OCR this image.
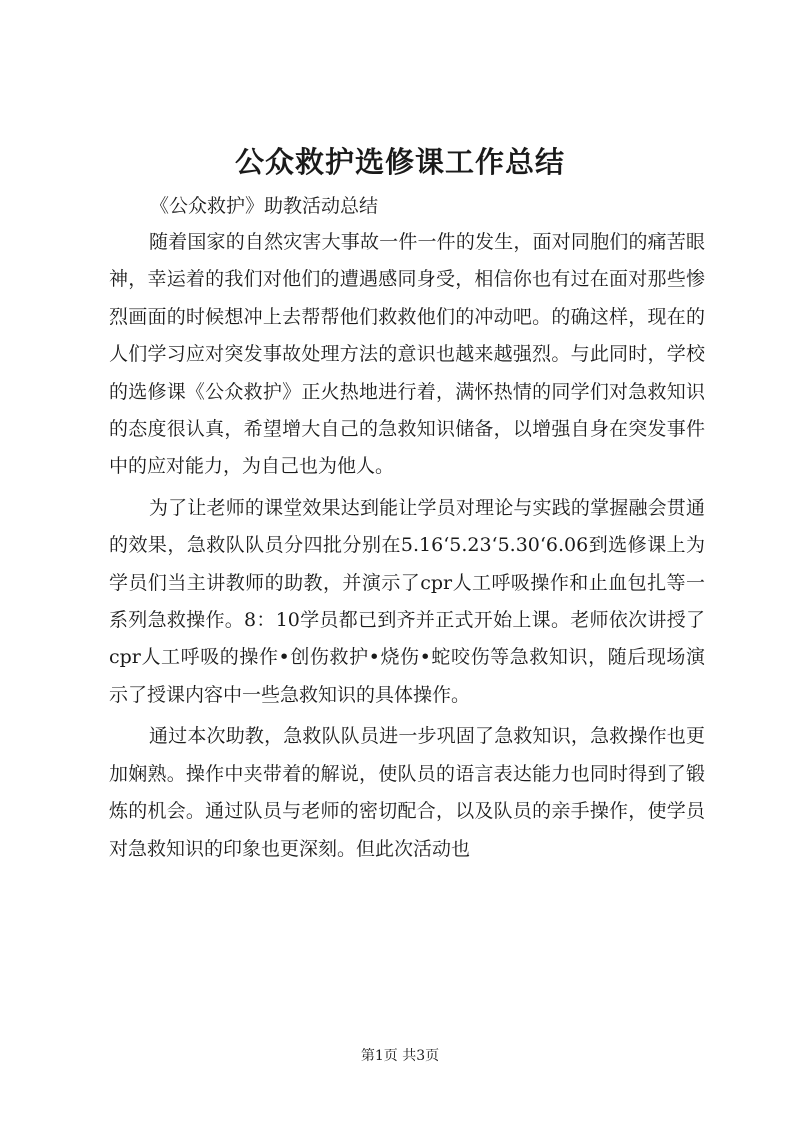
公众救护选修课工作总结

《公众救护》助教活动总结

随着国家的自然灾害大事故一件一件的发生，面对同胞们的痛苦眼神，幸运着的我们对他们的遭遇感同身受，相信你也有过在面对那些惨烈画面的时候想冲上去帮帮他们救救他们的冲动吧。的确这样，现在的人们学习应对突发事故处理方法的意识也越来越强烈。与此同时，学校的选修课《公众救护》正火热地进行着，满怀热情的同学们对急救知识的态度很认真，希望增大自己的急救知识储备，以增强自身在突发事件中的应对能力，为自己也为他人。

为了让老师的课堂效果达到能让学员对理论与实践的掌握融会贯通的效果，急救队队员分四批分别在5.16‘5.23‘5.30‘6.06到选修课上为学员们当主讲教师的助教，并演示了cpr人工呼吸操作和止血包扎等一系列急救操作。8：10学员都已到齐并正式开始上课。老师依次讲授了cpr人工呼吸的操作•创伤救护•烧伤•蛇咬伤等急救知识，随后现场演示了授课内容中一些急救知识的具体操作。

通过本次助教，急救队队员进一步巩固了急救知识，急救操作也更加娴熟。操作中夹带着的解说，使队员的语言表达能力也同时得到了锻炼的机会。通过队员与老师的密切配合，以及队员的亲手操作，使学员对急救知识的印象也更深刻。但此次活动也

第1页 共3页
